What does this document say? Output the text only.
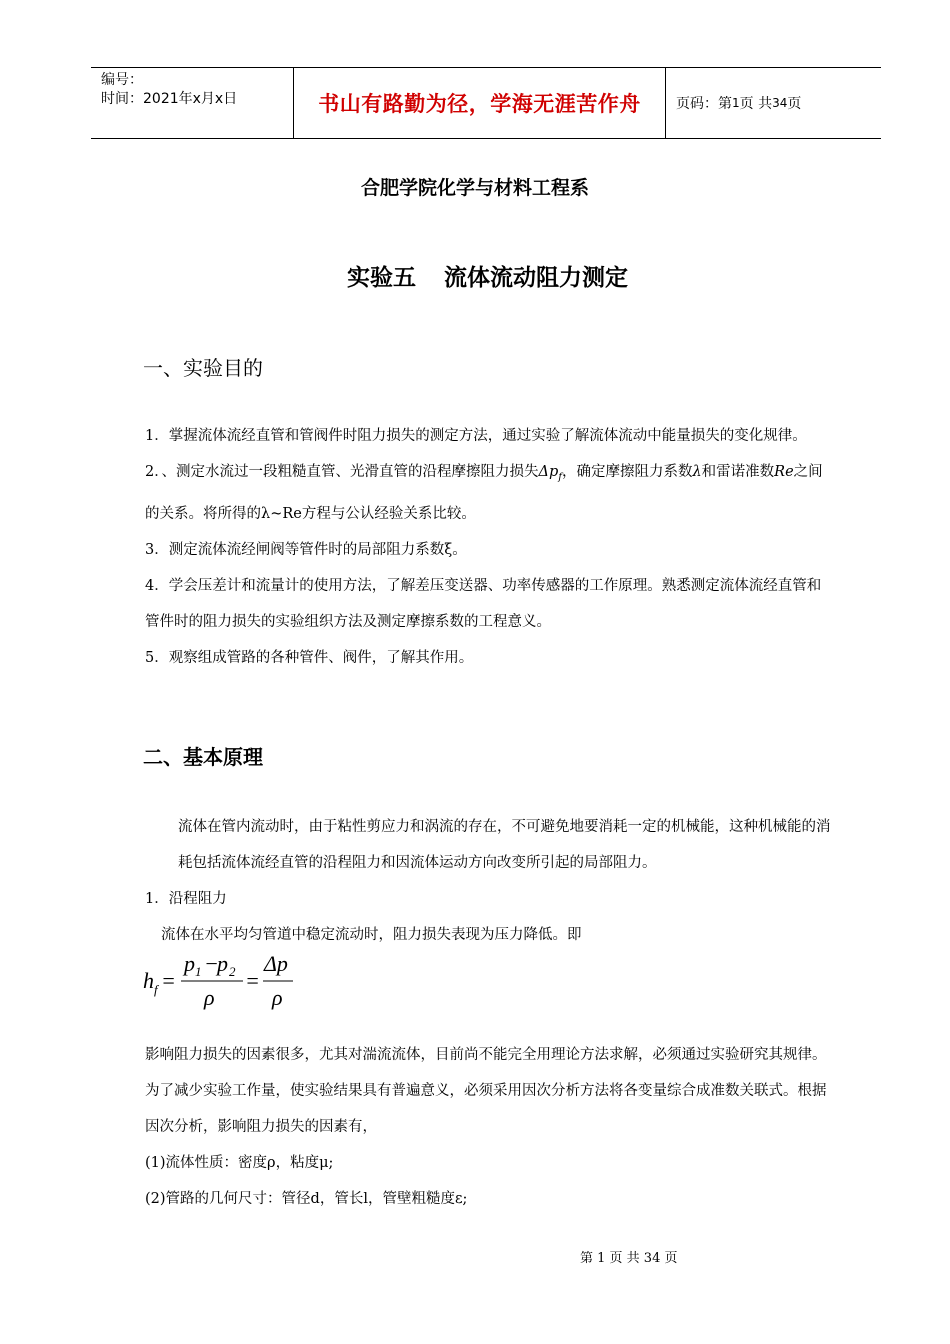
编号：
时间：2021年x月x日	书山有路勤为径，学海无涯苦作舟	页码：第 1 页 共 34 页
合肥学院化学与材料工程系
实验五 流体流动阻力测定
一、实验目的

1．掌握流体流经直管和管阀件时阻力损失的测定方法，通过实验了解流体流动中能量损失的变化规律。

2．、测定水流过一段粗糙直管、光滑直管的沿程摩擦阻力损失$\Delta p_f$，确定摩擦阻力系数λ和雷诺准数Re之间的关系。将所得的λ~Re方程与公认经验关系比较。

3．测定流体流经闸阀等管件时的局部阻力系数ξ。

4．学会压差计和流量计的使用方法，了解差压变送器、功率传感器的工作原理。熟悉测定流体流经直管和管件时的阻力损失的实验组织方法及测定摩擦系数的工程意义。

5．观察组成管路的各种管件、阀件，了解其作用。

二、基本原理

流体在管内流动时，由于粘性剪应力和涡流的存在，不可避免地要消耗一定的机械能，这种机械能的消耗包括流体流经直管的沿程阻力和因流体运动方向改变所引起的局部阻力。

1．沿程阻力

流体在水平均匀管道中稳定流动时，阻力损失表现为压力降低。即

h f =
p 1 −
p 2
ρ
=
Δp
ρ

影响阻力损失的因素很多，尤其对湍流流体，目前尚不能完全用理论方法求解，必须通过实验研究其规律。为了减少实验工作量，使实验结果具有普遍意义，必须采用因次分析方法将各变量综合成准数关联式。根据因次分析，影响阻力损失的因素有，

(1)流体性质：密度ρ，粘度μ;

(2)管路的几何尺寸：管径d，管长l，管壁粗糙度ε;

第 1 页 共 34 页
